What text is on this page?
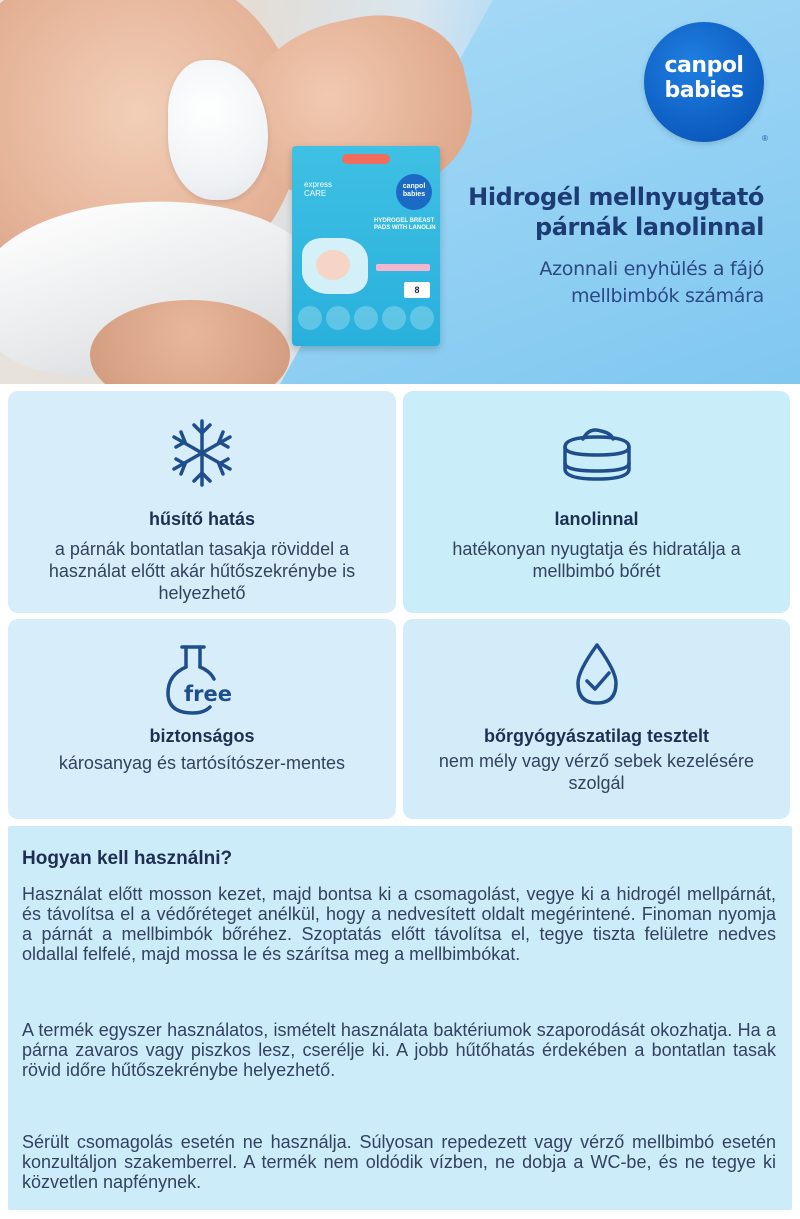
express
CARE
canpol babies
HYDROGEL BREAST PADS WITH LANOLIN
8
canpol
babies
®
Hidrogél mellnyugtató párnák lanolinnal
Azonnali enyhülés a fájó mellbimbók számára
hűsítő hatás

a párnák bontatlan tasakja röviddel a használat előtt akár hűtőszekrénybe is helyezhető

lanolinnal

hatékonyan nyugtatja és hidratálja a mellbimbó bőrét

free
biztonságos

károsanyag és tartósítószer-mentes

bőrgyógyászatilag tesztelt

nem mély vagy vérző sebek kezelésére szolgál

Hogyan kell használni?

Használat előtt mosson kezet, majd bontsa ki a csomagolást, vegye ki a hidrogél mellpárnát, és távolítsa el a védőréteget anélkül, hogy a nedvesített oldalt megérintené. Finoman nyomja a párnát a mellbimbók bőréhez. Szoptatás előtt távolítsa el, tegye tiszta felületre nedves oldallal felfelé, majd mossa le és szárítsa meg a mellbimbókat.

A termék egyszer használatos, ismételt használata baktériumok szaporodását okozhatja. Ha a párna zavaros vagy piszkos lesz, cserélje ki. A jobb hűtőhatás érdekében a bontatlan tasak rövid időre hűtőszekrénybe helyezhető.

Sérült csomagolás esetén ne használja. Súlyosan repedezett vagy vérző mellbimbó esetén konzultáljon szakemberrel. A termék nem oldódik vízben, ne dobja a WC-be, és ne tegye ki közvetlen napfénynek.
